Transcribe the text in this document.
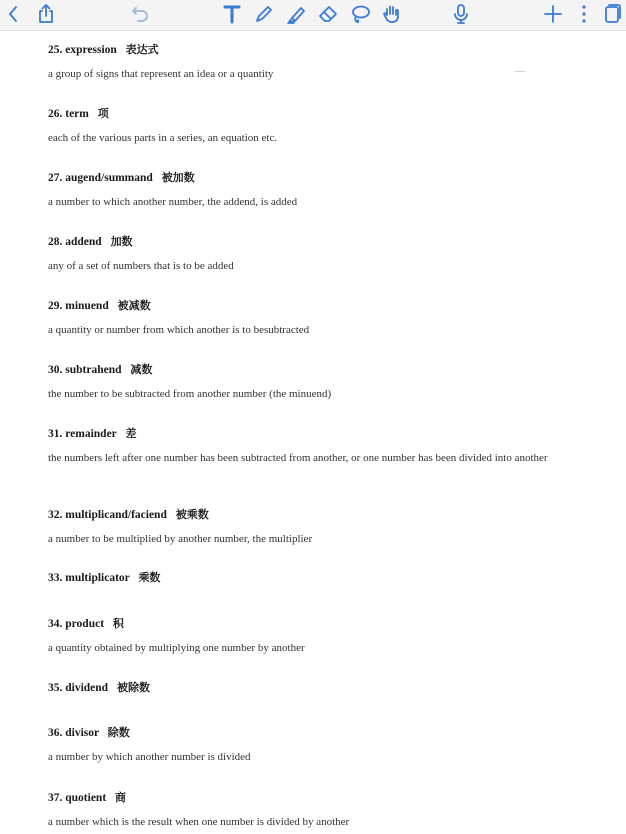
25. expression 表达式
a group of signs that represent an idea or a quantity
26. term 项
each of the various parts in a series, an equation etc.
27. augend/summand 被加数
a number to which another number, the addend, is added
28. addend 加数
any of a set of numbers that is to be added
29. minuend 被减数
a quantity or number from which another is to besubtracted
30. subtrahend 减数
the number to be subtracted from another number (the minuend)
31. remainder 差
the numbers left after one number has been subtracted from another, or one number has been divided into another
32. multiplicand/faciend 被乘数
a number to be multiplied by another number, the multiplier
33. multiplicator 乘数
34. product 积
a quantity obtained by multiplying one number by another
35. dividend 被除数
36. divisor 除数
a number by which another number is divided
37. quotient 商
a number which is the result when one number is divided by another
